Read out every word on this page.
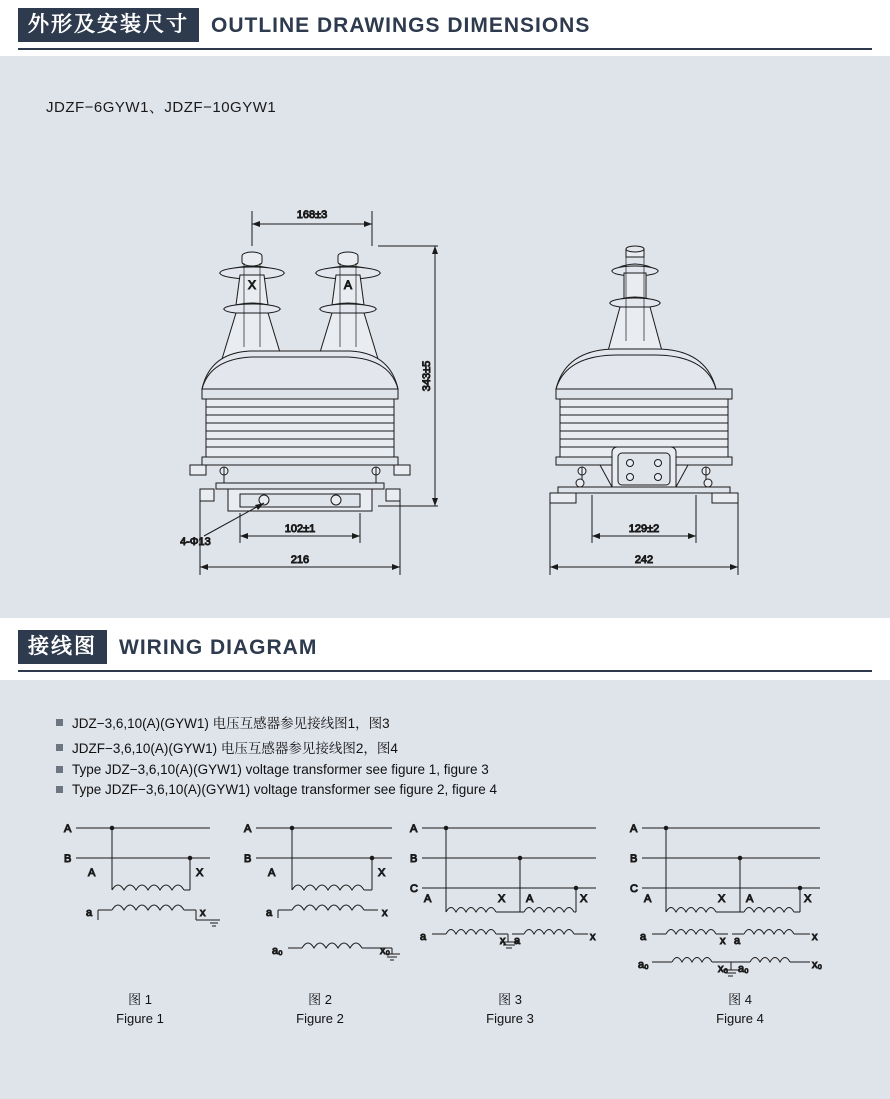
外形及安装尺寸 OUTLINE DRAWINGS DIMENSIONS
JDZF−6GYW1、JDZF−10GYW1
168±3
343±5
X	A
4-Φ13
102±1
216
129±2
242
接线图 WIRING DIAGRAM
JDZ−3,6,10(A)(GYW1) 电压互感器参见接线图1，图3
JDZF−3,6,10(A)(GYW1) 电压互感器参见接线图2，图4
Type JDZ−3,6,10(A)(GYW1) voltage transformer see figure 1, figure 3
Type JDZF−3,6,10(A)(GYW1) voltage transformer see figure 2, figure 4
A
B
A	X
a	x
图 1
Figure 1
A
B
A	X
a	x
a₀	x₀
图 2
Figure 2
A
B
C
A	X A	X
a	x a	x
图 3
Figure 3
A
B
C
A	X A	X
a	x a	x
a₀	x₀ a₀	x₀
图 4
Figure 4
